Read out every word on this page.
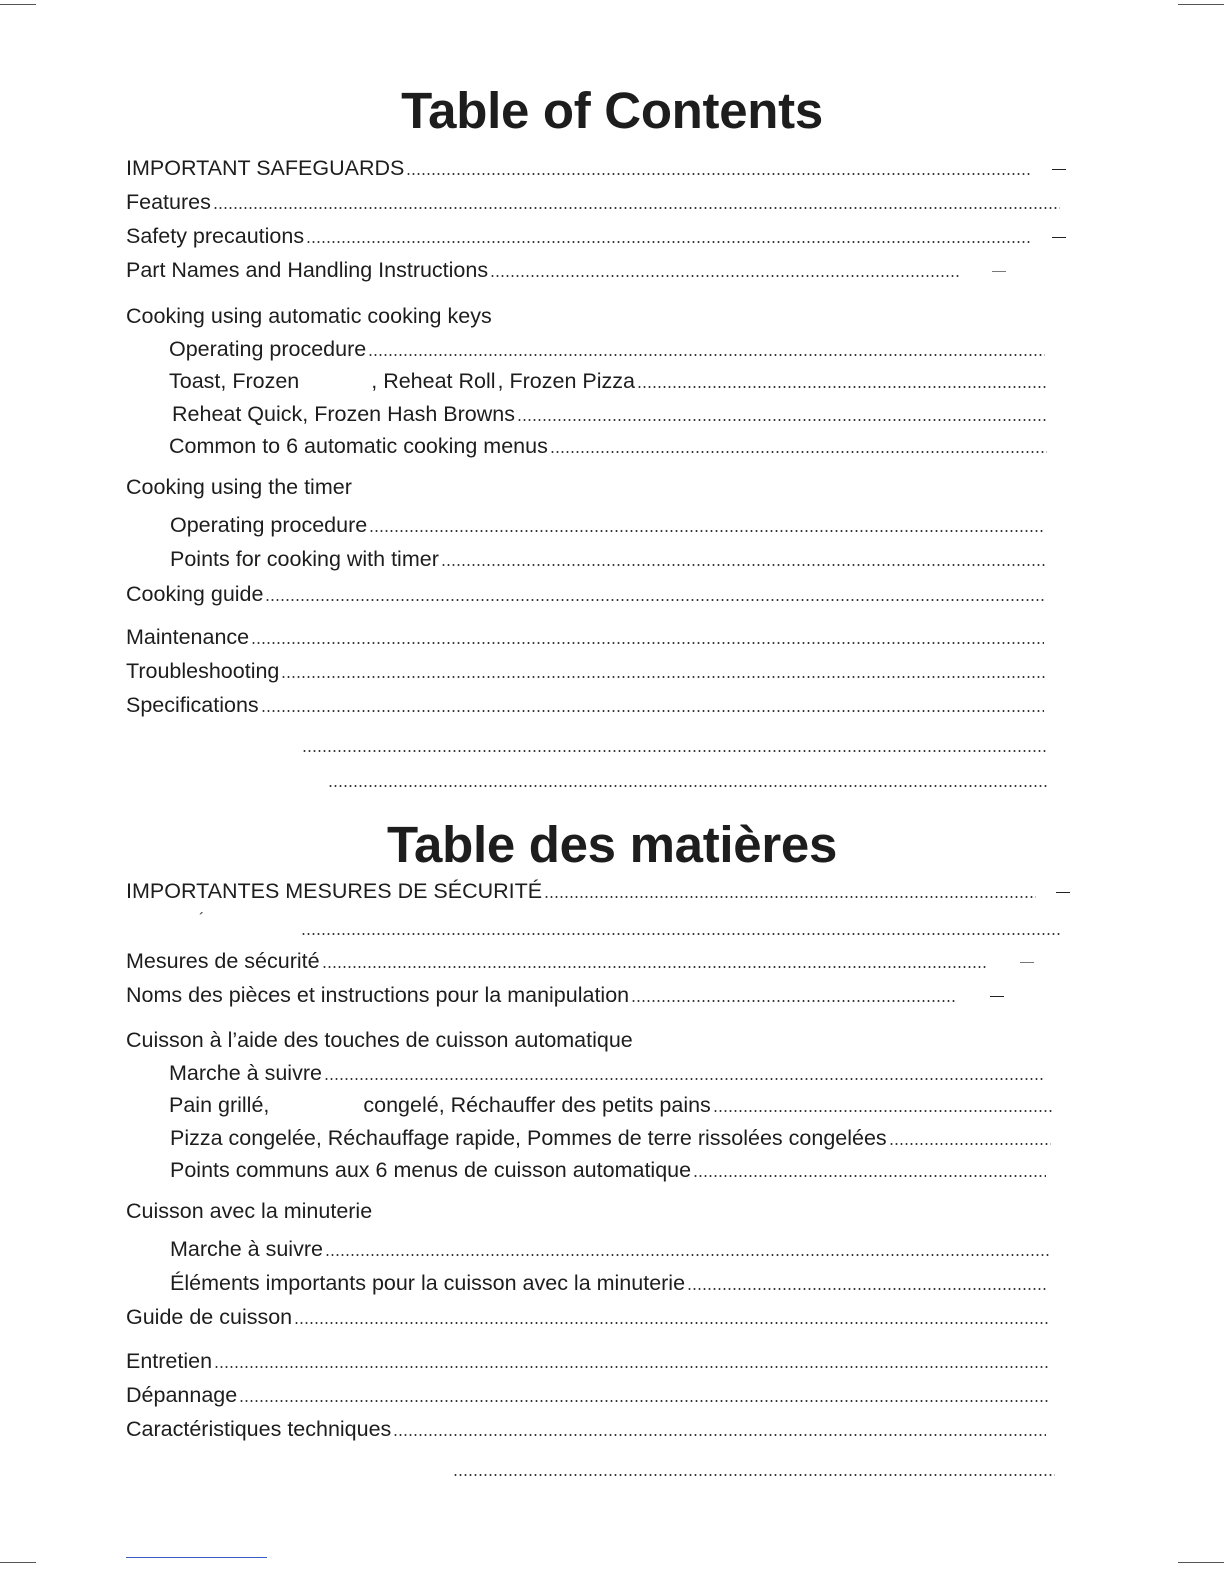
Table of Contents
IMPORTANT SAFEGUARDS
Features
Safety precautions
Part Names and Handling Instructions
Cooking using automatic cooking keys
Operating procedure
Toast, Frozen	, Reheat Roll , Frozen Pizza
Reheat Quick, Frozen Hash Browns
Common to 6 automatic cooking menus
Cooking using the timer
Operating procedure
Points for cooking with timer
Cooking guide
Maintenance
Troubleshooting
Specifications
Table des matières
IMPORTANTES MESURES DE SÉCURITÉ
´
Mesures de sécurité
Noms des pièces et instructions pour la manipulation
Cuisson à l’aide des touches de cuisson automatique
Marche à suivre
Pain grillé,	congelé, Réchauffer des petits pains
Pizza congelée, Réchauffage rapide, Pommes de terre rissolées congelées
Points communs aux 6 menus de cuisson automatique
Cuisson avec la minuterie
Marche à suivre
Éléments importants pour la cuisson avec la minuterie
Guide de cuisson
Entretien
Dépannage
Caractéristiques techniques
